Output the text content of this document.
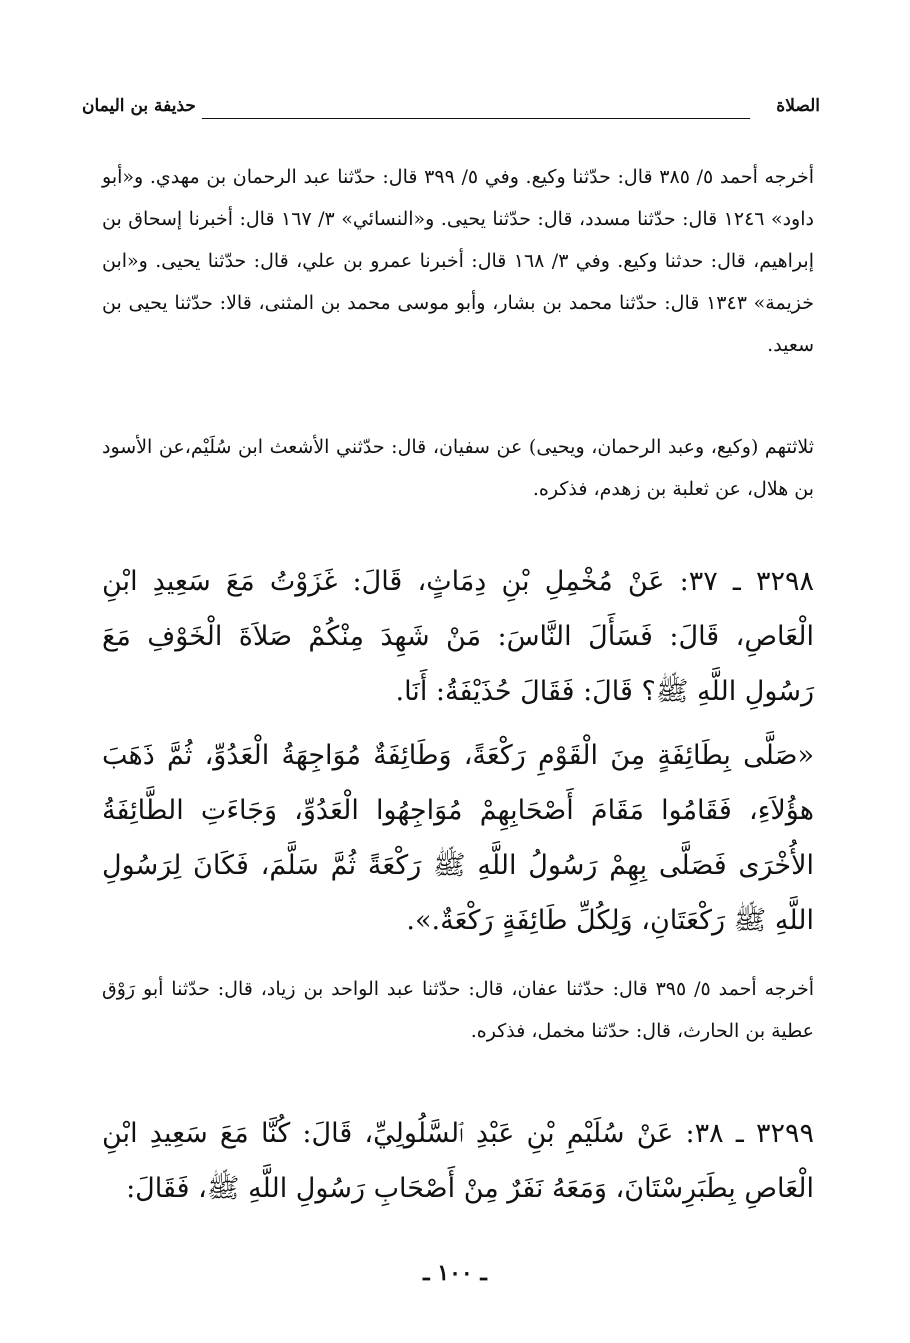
الصلاة
حذيفة بن اليمان

أخرجه أحمد ٥/ ٣٨٥ قال: حدّثنا وكيع. وفي ٥/ ٣٩٩ قال: حدّثنا عبد الرحمان بن مهدي. و«أبو داود» ١٢٤٦ قال: حدّثنا مسدد، قال: حدّثنا يحيى. و«النسائي» ٣/ ١٦٧ قال: أخبرنا إسحاق بن إبراهيم، قال: حدثنا وكيع. وفي ٣/ ١٦٨ قال: أخبرنا عمرو بن علي، قال: حدّثنا يحيى. و«ابن خزيمة» ١٣٤٣ قال: حدّثنا محمد بن بشار، وأبو موسى محمد بن المثنى، قالا: حدّثنا يحيى بن سعيد.

ثلاثتهم (وكيع، وعبد الرحمان، ويحيى) عن سفيان، قال: حدّثني الأشعث ابن سُلَيْم،عن الأسود بن هلال، عن ثعلبة بن زهدم، فذكره.

٣٢٩٨ ـ ٣٧: عَنْ مُخْمِلِ بْنِ دِمَاثٍ، قَالَ: غَزَوْتُ مَعَ سَعِيدِ ابْنِ الْعَاصِ، قَالَ: فَسَأَلَ النَّاسَ: مَنْ شَهِدَ مِنْكُمْ صَلاَةَ الْخَوْفِ مَعَ رَسُولِ اللَّهِ ﷺ؟ قَالَ: فَقَالَ حُذَيْفَةُ: أَنَا.

«صَلَّى بِطَائِفَةٍ مِنَ الْقَوْمِ رَكْعَةً، وَطَائِفَةٌ مُوَاجِهَةُ الْعَدُوِّ، ثُمَّ ذَهَبَ هؤُلاَءِ، فَقَامُوا مَقَامَ أَصْحَابِهِمْ مُوَاجِهُوا الْعَدُوِّ، وَجَاءَتِ الطَّائِفَةُ الأُخْرَى فَصَلَّى بِهِمْ رَسُولُ اللَّهِ ﷺ رَكْعَةً ثُمَّ سَلَّمَ، فَكَانَ لِرَسُولِ اللَّهِ ﷺ رَكْعَتَانِ، وَلِكُلِّ طَائِفَةٍ رَكْعَةٌ.».

أخرجه أحمد ٥/ ٣٩٥ قال: حدّثنا عفان، قال: حدّثنا عبد الواحد بن زياد، قال: حدّثنا أبو رَوْق عطية بن الحارث، قال: حدّثنا مخمل، فذكره.

٣٢٩٩ ـ ٣٨: عَنْ سُلَيْمِ بْنِ عَبْدِ ٱلسَّلُولِيِّ، قَالَ: كُنَّا مَعَ سَعِيدِ ابْنِ الْعَاصِ بِطَبَرِسْتَانَ، وَمَعَهُ نَفَرٌ مِنْ أَصْحَابِ رَسُولِ اللَّهِ ﷺ، فَقَالَ:

ـ ١٠٠ ـ
